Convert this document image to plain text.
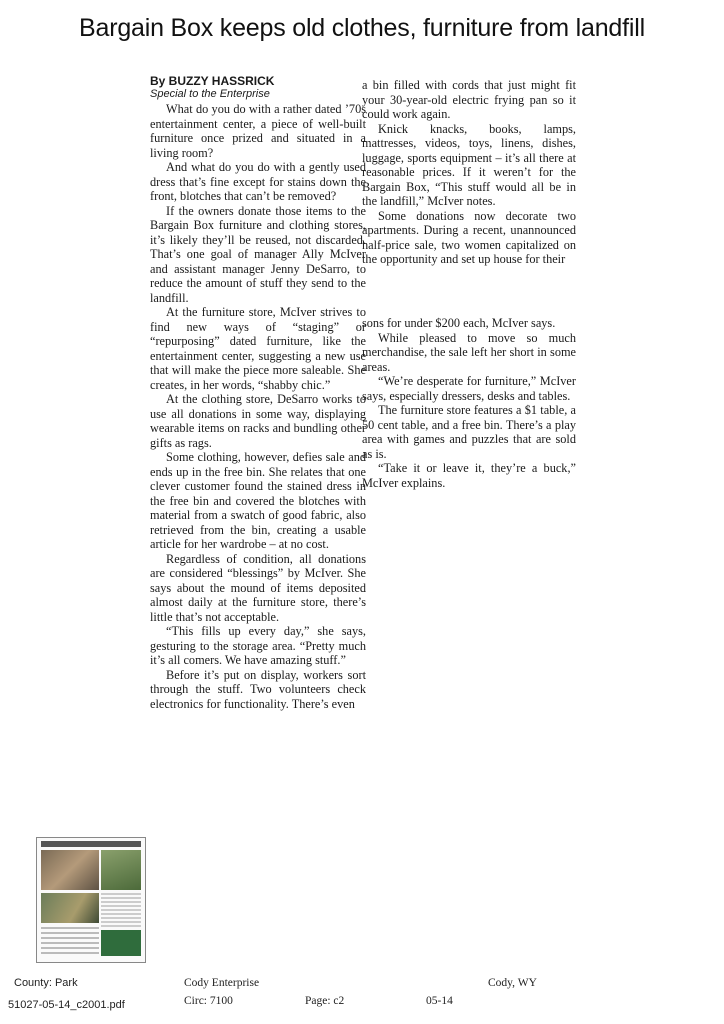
Bargain Box keeps old clothes, furniture from landfill
By BUZZY HASSRICK
Special to the Enterprise

What do you do with a rather dated ’70s entertainment center, a piece of well-built furniture once prized and situated in a living room?

And what do you do with a gently used dress that’s fine except for stains down the front, blotches that can’t be removed?

If the owners donate those items to the Bargain Box furniture and clothing stores, it’s likely they’ll be reused, not discarded. That’s one goal of manager Ally McIver and assistant manager Jenny DeSarro, to reduce the amount of stuff they send to the landfill.

At the furniture store, McIver strives to find new ways of “staging” or “repurposing” dated furniture, like the entertainment center, suggesting a new use that will make the piece more saleable. She creates, in her words, “shabby chic.”

At the clothing store, DeSarro works to use all donations in some way, displaying wearable items on racks and bundling other gifts as rags.

Some clothing, however, defies sale and ends up in the free bin. She relates that one clever customer found the stained dress in the free bin and covered the blotches with material from a swatch of good fabric, also retrieved from the bin, creating a usable article for her wardrobe – at no cost.

Regardless of condition, all donations are considered “blessings” by McIver. She says about the mound of items deposited almost daily at the furniture store, there’s little that’s not acceptable.

“This fills up every day,” she says, gesturing to the storage area. “Pretty much it’s all comers. We have amazing stuff.”

Before it’s put on display, workers sort through the stuff. Two volunteers check electronics for functionality. There’s even

a bin filled with cords that just might fit your 30-year-old electric frying pan so it could work again.

Knick knacks, books, lamps, mattresses, videos, toys, linens, dishes, luggage, sports equipment – it’s all there at reasonable prices. If it weren’t for the Bargain Box, “This stuff would all be in the landfill,” McIver notes.

Some donations now decorate two apartments. During a recent, unannounced half-price sale, two women capitalized on the opportunity and set up house for their

sons for under $200 each, McIver says.

While pleased to move so much merchandise, the sale left her short in some areas.

“We’re desperate for furniture,” McIver says, especially dressers, desks and tables.

The furniture store features a $1 table, a 50 cent table, and a free bin. There’s a play area with games and puzzles that are sold as is.

“Take it or leave it, they’re a buck,” McIver explains.

County: Park	Cody Enterprise	Cody, WY
51027-05-14_c2001.pdf	Circ: 7100	Page: c2	05-14
